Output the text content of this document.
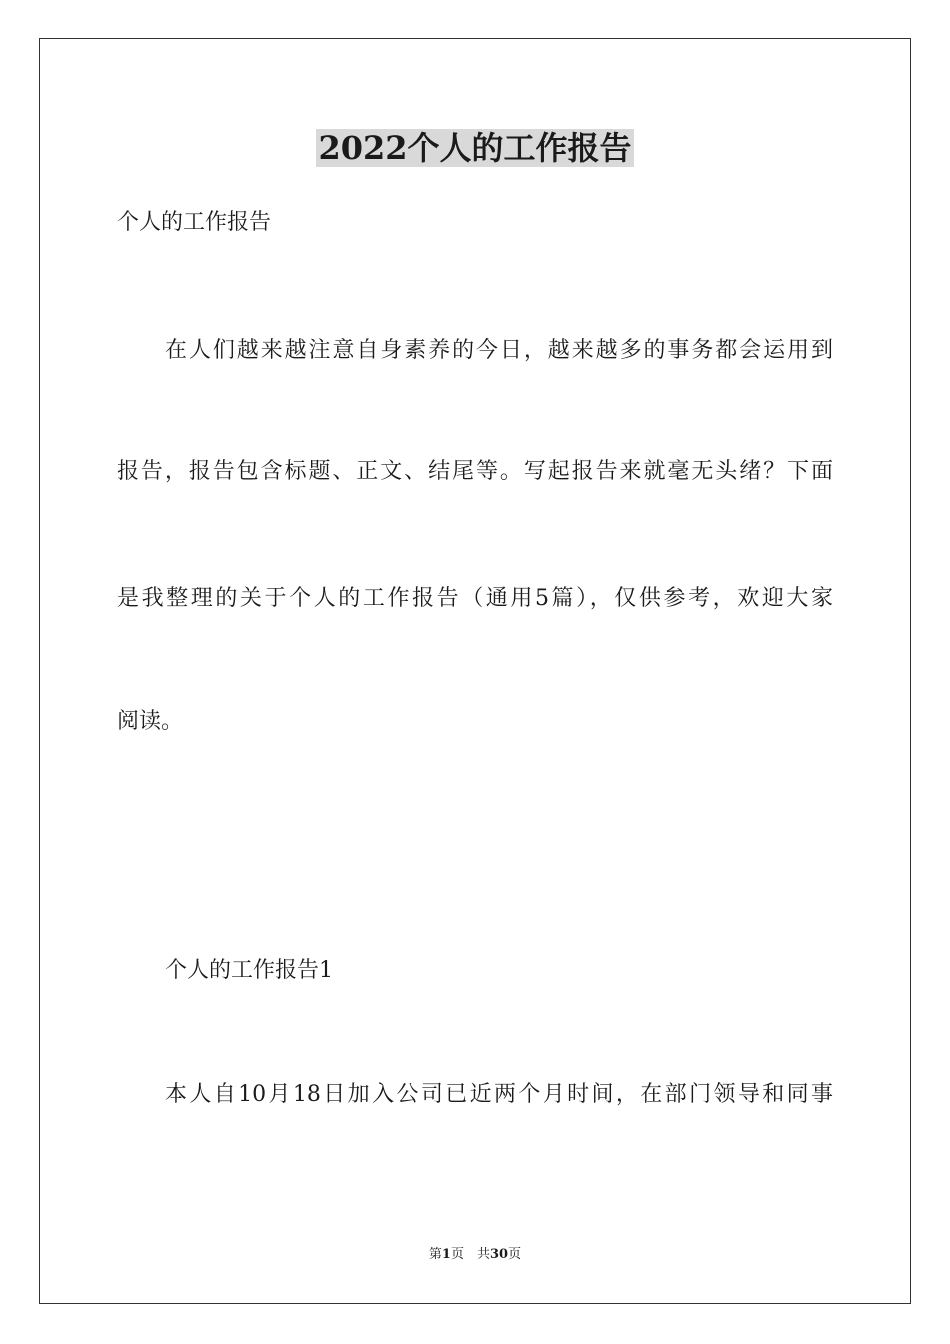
2022个人的工作报告
个人的工作报告
在人们越来越注意自身素养的今日，越来越多的事务都会运用到
报告，报告包含标题、正文、结尾等。写起报告来就毫无头绪？下面
是我整理的关于个人的工作报告（通用5篇），仅供参考，欢迎大家
阅读。
个人的工作报告1
本人自10月18日加入公司已近两个月时间，在部门领导和同事
第1页　共30页
